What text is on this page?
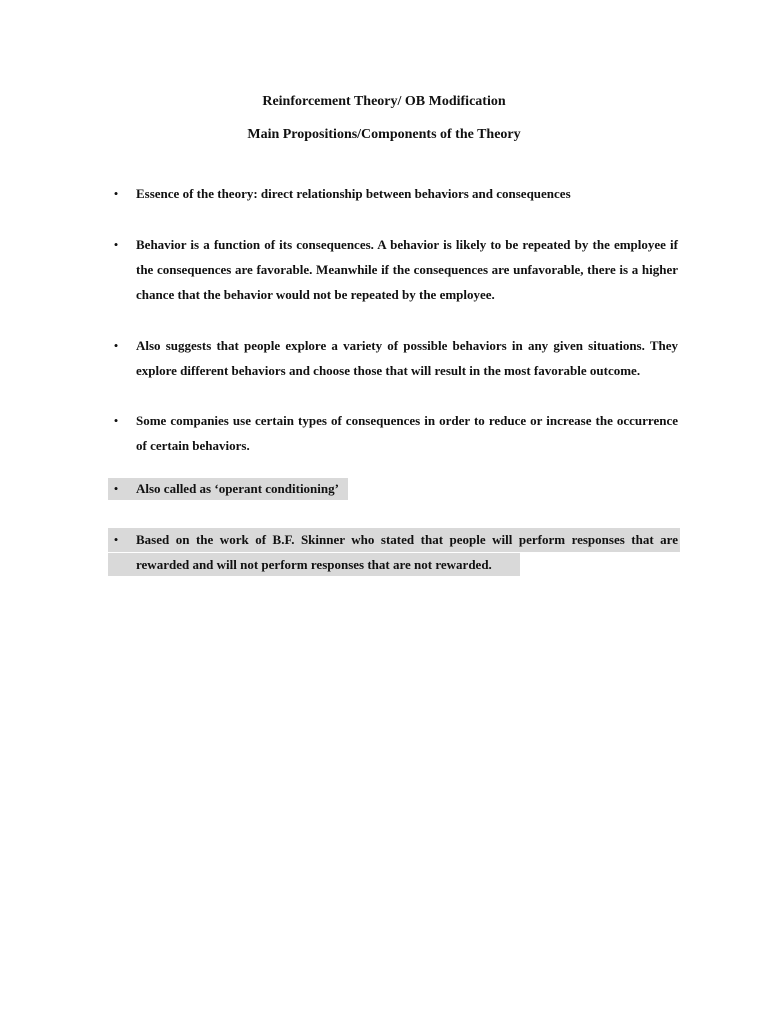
Reinforcement Theory/ OB Modification
Main Propositions/Components of the Theory
• Essence of the theory: direct relationship between behaviors and consequences
• Behavior is a function of its consequences. A behavior is likely to be repeated by the employee if the consequences are favorable. Meanwhile if the consequences are unfavorable, there is a higher chance that the behavior would not be repeated by the employee.
• Also suggests that people explore a variety of possible behaviors in any given situations. They explore different behaviors and choose those that will result in the most favorable outcome.
• Some companies use certain types of consequences in order to reduce or increase the occurrence of certain behaviors.
• Also called as ‘operant conditioning’
• Based on the work of B.F. Skinner who stated that people will perform responses that are rewarded and will not perform responses that are not rewarded.
